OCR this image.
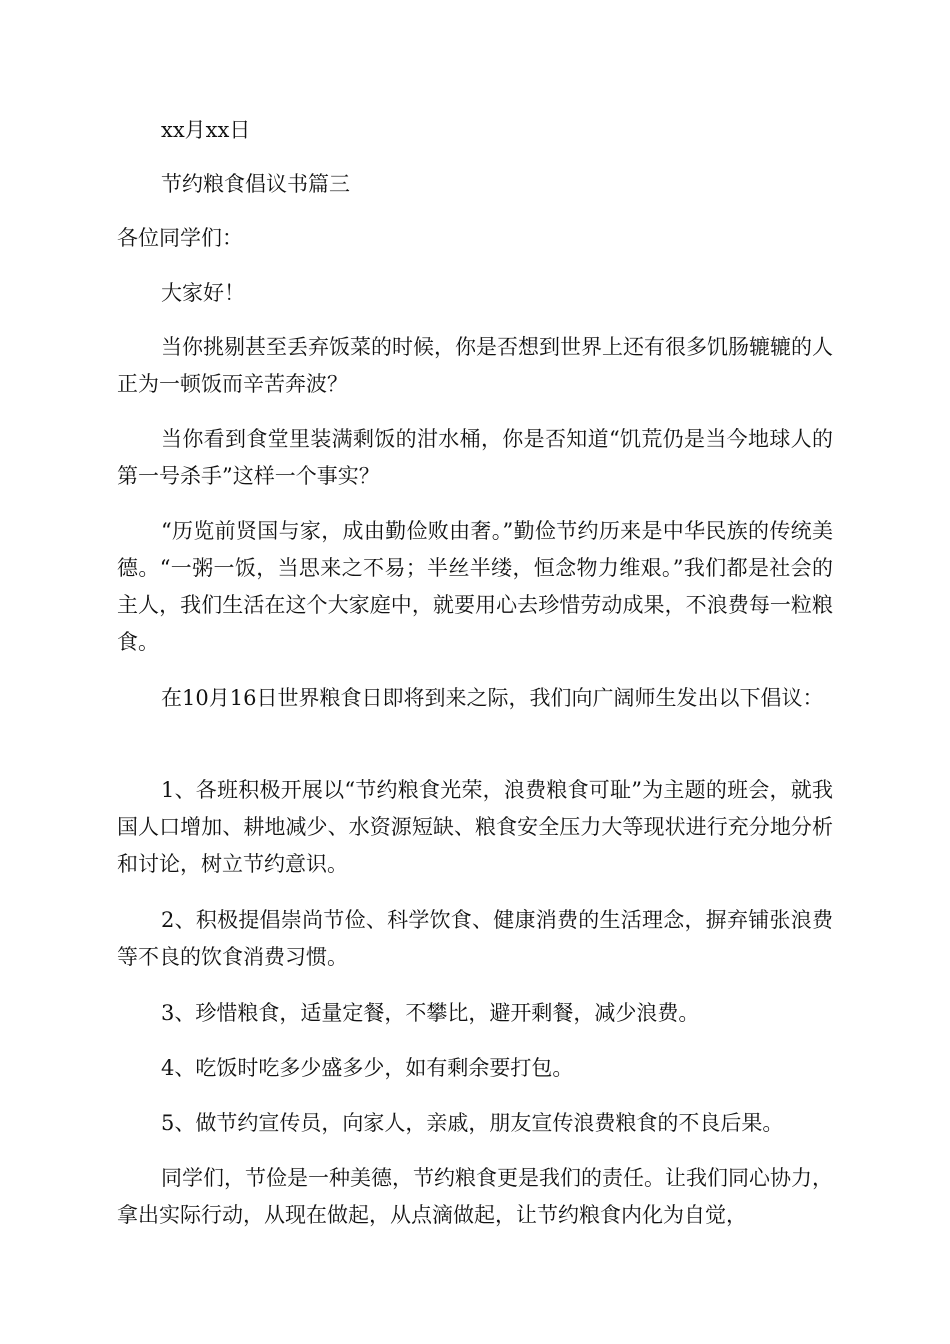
xx月xx日

节约粮食倡议书篇三

各位同学们：

大家好！

当你挑剔甚至丢弃饭菜的时候，你是否想到世界上还有很多饥肠辘辘的人正为一顿饭而辛苦奔波？

当你看到食堂里装满剩饭的泔水桶，你是否知道“饥荒仍是当今地球人的第一号杀手”这样一个事实？

“历览前贤国与家，成由勤俭败由奢。”勤俭节约历来是中华民族的传统美德。“一粥一饭，当思来之不易；半丝半缕，恒念物力维艰。”我们都是社会的主人，我们生活在这个大家庭中，就要用心去珍惜劳动成果，不浪费每一粒粮食。

在10月16日世界粮食日即将到来之际，我们向广阔师生发出以下倡议：

1、各班积极开展以“节约粮食光荣，浪费粮食可耻”为主题的班会，就我国人口增加、耕地减少、水资源短缺、粮食安全压力大等现状进行充分地分析和讨论，树立节约意识。

2、积极提倡崇尚节俭、科学饮食、健康消费的生活理念，摒弃铺张浪费等不良的饮食消费习惯。

3、珍惜粮食，适量定餐，不攀比，避开剩餐，减少浪费。

4、吃饭时吃多少盛多少，如有剩余要打包。

5、做节约宣传员，向家人，亲戚，朋友宣传浪费粮食的不良后果。

同学们，节俭是一种美德，节约粮食更是我们的责任。让我们同心协力，拿出实际行动，从现在做起，从点滴做起，让节约粮食内化为自觉，
